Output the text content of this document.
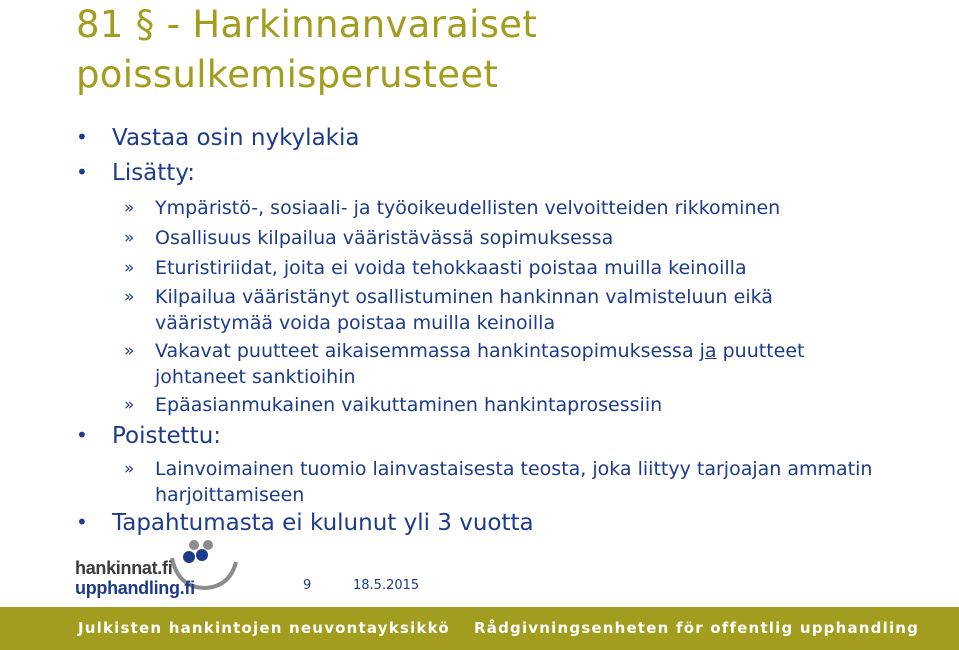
81 § - Harkinnanvaraiset
poissulkemisperusteet
• Vastaa osin nykylakia
• Lisätty:
» Ympäristö-, sosiaali- ja työoikeudellisten velvoitteiden rikkominen
» Osallisuus kilpailua vääristävässä sopimuksessa
» Eturistiriidat, joita ei voida tehokkaasti poistaa muilla keinoilla
» Kilpailua vääristänyt osallistuminen hankinnan valmisteluun eikä vääristymää voida poistaa muilla keinoilla
» Vakavat puutteet aikaisemmassa hankintasopimuksessa ja puutteet johtaneet sanktioihin
» Epäasianmukainen vaikuttaminen hankintaprosessiin
• Poistettu:
» Lainvoimainen tuomio lainvastaisesta teosta, joka liittyy tarjoajan ammatin harjoittamiseen
• Tapahtumasta ei kulunut yli 3 vuotta
hankinnat.fi
upphandling.fi	9	18.5.2015
Julkisten hankintojen neuvontayksikkö Rådgivningsenheten för offentlig upphandling
